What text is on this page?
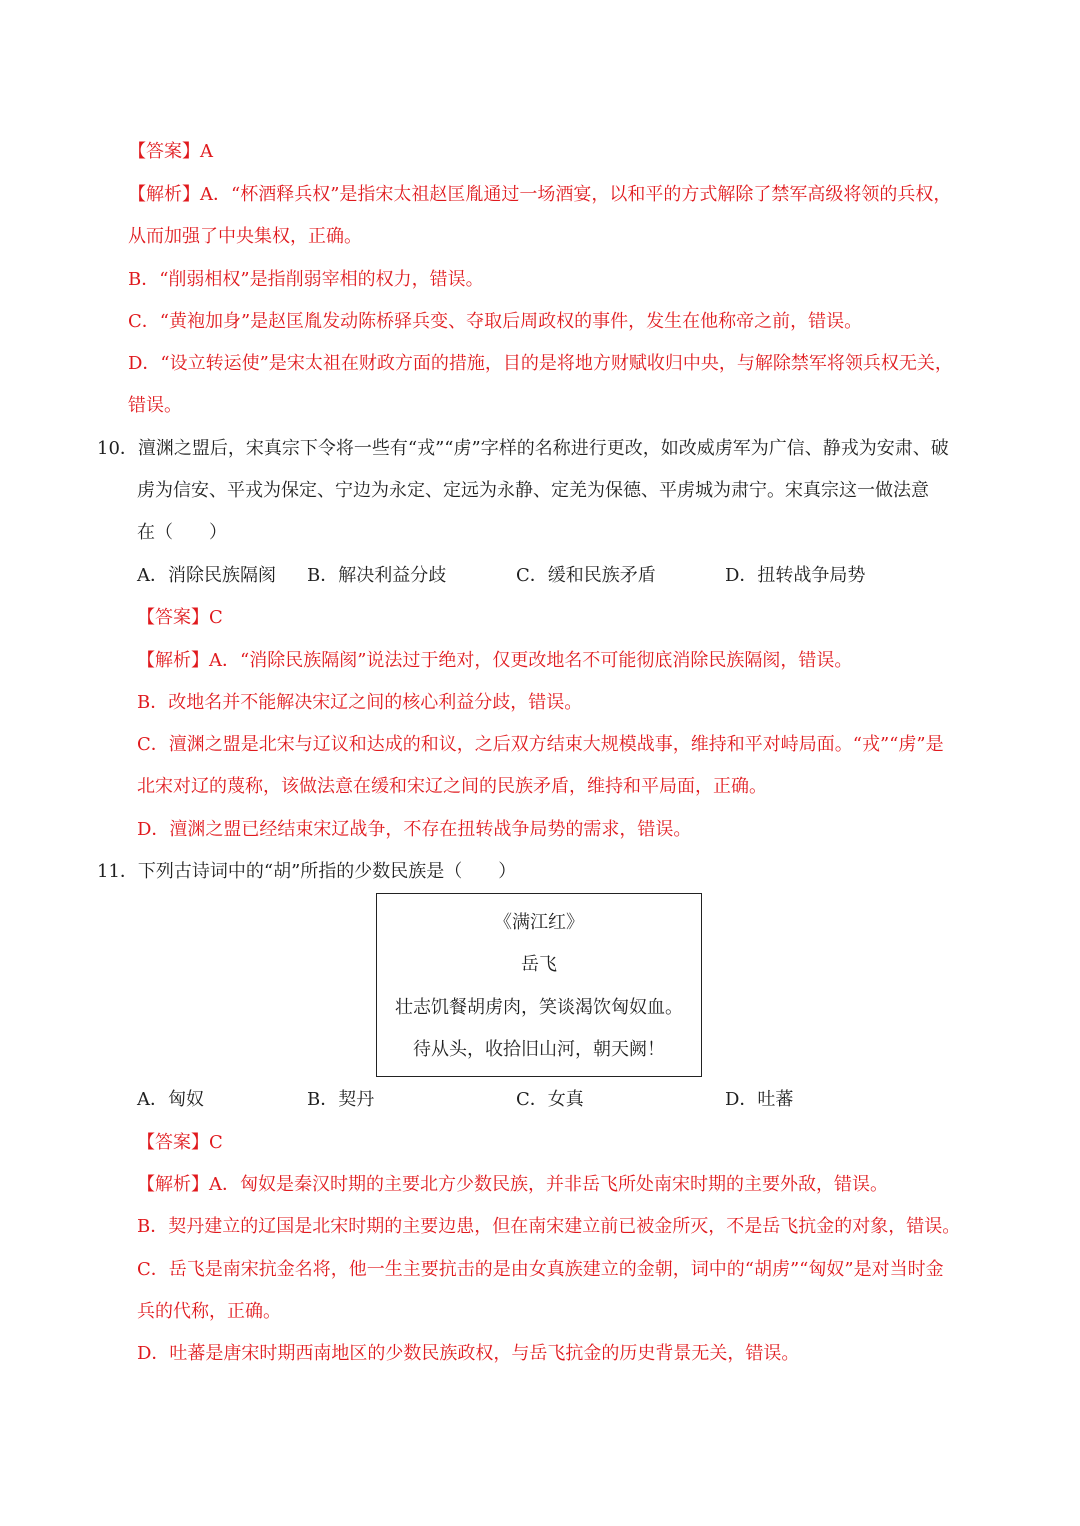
【答案】A
【解析】A．“杯酒释兵权”是指宋太祖赵匡胤通过一场酒宴，以和平的方式解除了禁军高级将领的兵权，
从而加强了中央集权，正确。
B．“削弱相权”是指削弱宰相的权力，错误。
C．“黄袍加身”是赵匡胤发动陈桥驿兵变、夺取后周政权的事件，发生在他称帝之前，错误。
D．“设立转运使”是宋太祖在财政方面的措施，目的是将地方财赋收归中央，与解除禁军将领兵权无关，
错误。
10．澶渊之盟后，宋真宗下令将一些有“戎”“虏”字样的名称进行更改，如改威虏军为广信、静戎为安肃、破
虏为信安、平戎为保定、宁边为永定、定远为永静、定羌为保德、平虏城为肃宁。宋真宗这一做法意
在（　　）
A．消除民族隔阂 B．解决利益分歧	C．缓和民族矛盾	D．扭转战争局势
【答案】C
【解析】A．“消除民族隔阂”说法过于绝对，仅更改地名不可能彻底消除民族隔阂，错误。
B．改地名并不能解决宋辽之间的核心利益分歧，错误。
C．澶渊之盟是北宋与辽议和达成的和议，之后双方结束大规模战事，维持和平对峙局面。“戎”“虏”是
北宋对辽的蔑称，该做法意在缓和宋辽之间的民族矛盾，维持和平局面，正确。
D．澶渊之盟已经结束宋辽战争，不存在扭转战争局势的需求，错误。
11．下列古诗词中的“胡”所指的少数民族是（　　）
《满江红》
岳飞
壮志饥餐胡虏肉，笑谈渴饮匈奴血。
待从头，收拾旧山河，朝天阙！
A．匈奴	B．契丹	C．女真	D．吐蕃
【答案】C
【解析】A．匈奴是秦汉时期的主要北方少数民族，并非岳飞所处南宋时期的主要外敌，错误。
B．契丹建立的辽国是北宋时期的主要边患，但在南宋建立前已被金所灭，不是岳飞抗金的对象，错误。
C．岳飞是南宋抗金名将，他一生主要抗击的是由女真族建立的金朝，词中的“胡虏”“匈奴”是对当时金
兵的代称，正确。
D．吐蕃是唐宋时期西南地区的少数民族政权，与岳飞抗金的历史背景无关，错误。
